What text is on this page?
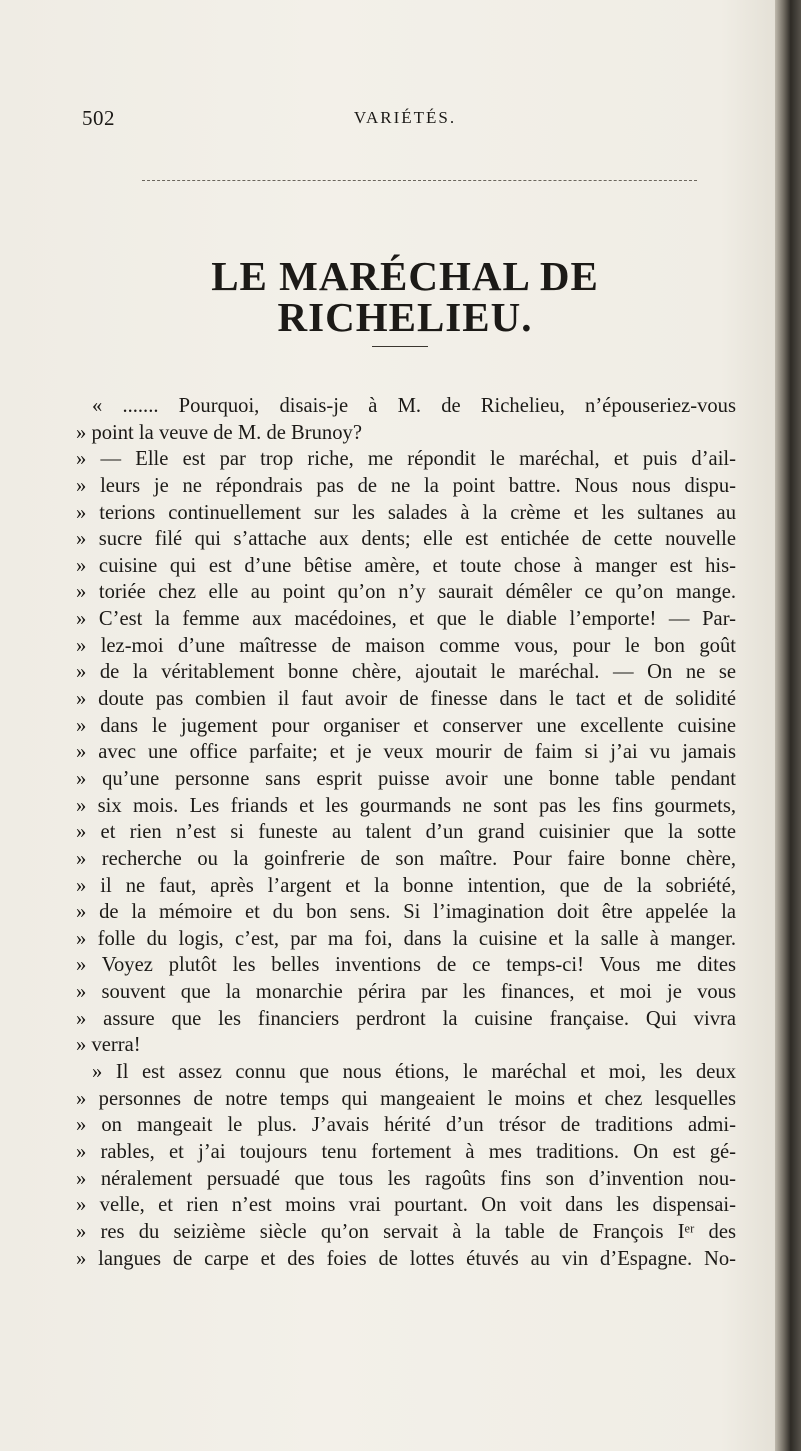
502	VARIÉTÉS.
LE MARÉCHAL DE RICHELIEU.
« ....... Pourquoi, disais-je à M. de Richelieu, n’épouseriez-vous
» point la veuve de M. de Brunoy?
» — Elle est par trop riche, me répondit le maréchal, et puis d’ail-
» leurs je ne répondrais pas de ne la point battre. Nous nous dispu-
» terions continuellement sur les salades à la crème et les sultanes au
» sucre filé qui s’attache aux dents; elle est entichée de cette nouvelle
» cuisine qui est d’une bêtise amère, et toute chose à manger est his-
» toriée chez elle au point qu’on n’y saurait démêler ce qu’on mange.
» C’est la femme aux macédoines, et que le diable l’emporte! — Par-
» lez-moi d’une maîtresse de maison comme vous, pour le bon goût
» de la véritablement bonne chère, ajoutait le maréchal. — On ne se
» doute pas combien il faut avoir de finesse dans le tact et de solidité
» dans le jugement pour organiser et conserver une excellente cuisine
» avec une office parfaite; et je veux mourir de faim si j’ai vu jamais
» qu’une personne sans esprit puisse avoir une bonne table pendant
» six mois. Les friands et les gourmands ne sont pas les fins gourmets,
» et rien n’est si funeste au talent d’un grand cuisinier que la sotte
» recherche ou la goinfrerie de son maître. Pour faire bonne chère,
» il ne faut, après l’argent et la bonne intention, que de la sobriété,
» de la mémoire et du bon sens. Si l’imagination doit être appelée la
» folle du logis, c’est, par ma foi, dans la cuisine et la salle à manger.
» Voyez plutôt les belles inventions de ce temps-ci! Vous me dites
» souvent que la monarchie périra par les finances, et moi je vous
» assure que les financiers perdront la cuisine française. Qui vivra
» verra!
» Il est assez connu que nous étions, le maréchal et moi, les deux
» personnes de notre temps qui mangeaient le moins et chez lesquelles
» on mangeait le plus. J’avais hérité d’un trésor de traditions admi-
» rables, et j’ai toujours tenu fortement à mes traditions. On est gé-
» néralement persuadé que tous les ragoûts fins son d’invention nou-
» velle, et rien n’est moins vrai pourtant. On voit dans les dispensai-
» res du seizième siècle qu’on servait à la table de François Iᵉʳ des
» langues de carpe et des foies de lottes étuvés au vin d’Espagne. No-
